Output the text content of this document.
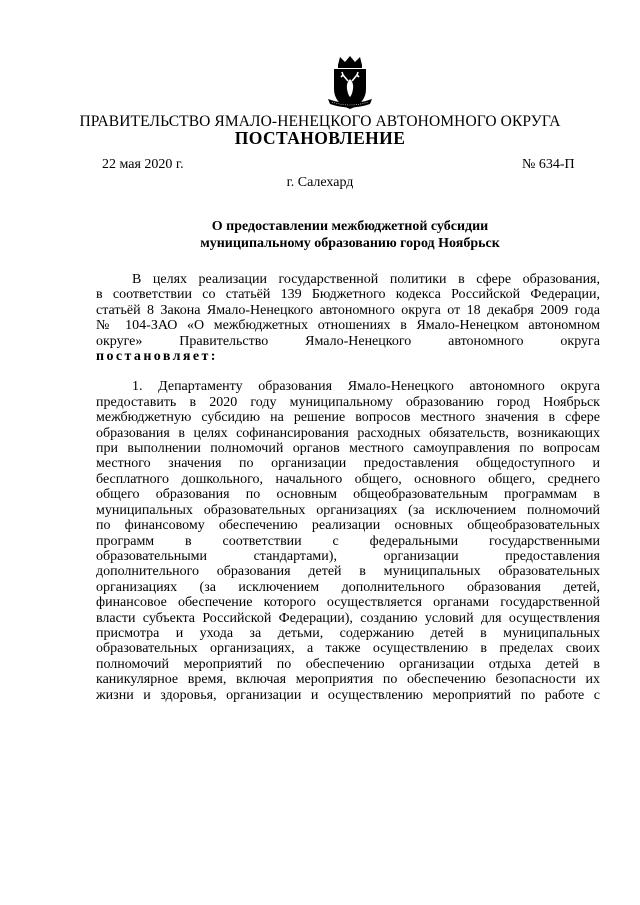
ПРАВИТЕЛЬСТВО ЯМАЛО-НЕНЕЦКОГО АВТОНОМНОГО ОКРУГА
ПОСТАНОВЛЕНИЕ
22 мая 2020 г.	№ 634-П
г. Салехард
О предоставлении межбюджетной субсидии
муниципальному образованию город Ноябрьск
В целях реализации государственной политики в сфере образования,
в соответствии со статьёй 139 Бюджетного кодекса Российской Федерации,
статьёй 8 Закона Ямало-Ненецкого автономного округа от 18 декабря 2009 года
№ 104-ЗАО «О межбюджетных отношениях в Ямало-Ненецком автономном
округе» Правительство Ямало-Ненецкого автономного округа
постановляет:
1. Департаменту образования Ямало-Ненецкого автономного округа
предоставить в 2020 году муниципальному образованию город Ноябрьск
межбюджетную субсидию на решение вопросов местного значения в сфере
образования в целях софинансирования расходных обязательств, возникающих
при выполнении полномочий органов местного самоуправления по вопросам
местного значения по организации предоставления общедоступного и
бесплатного дошкольного, начального общего, основного общего, среднего
общего образования по основным общеобразовательным программам в
муниципальных образовательных организациях (за исключением полномочий
по финансовому обеспечению реализации основных общеобразовательных
программ в соответствии с федеральными государственными
образовательными стандартами), организации предоставления
дополнительного образования детей в муниципальных образовательных
организациях (за исключением дополнительного образования детей,
финансовое обеспечение которого осуществляется органами государственной
власти субъекта Российской Федерации), созданию условий для осуществления
присмотра и ухода за детьми, содержанию детей в муниципальных
образовательных организациях, а также осуществлению в пределах своих
полномочий мероприятий по обеспечению организации отдыха детей в
каникулярное время, включая мероприятия по обеспечению безопасности их
жизни и здоровья, организации и осуществлению мероприятий по работе с
